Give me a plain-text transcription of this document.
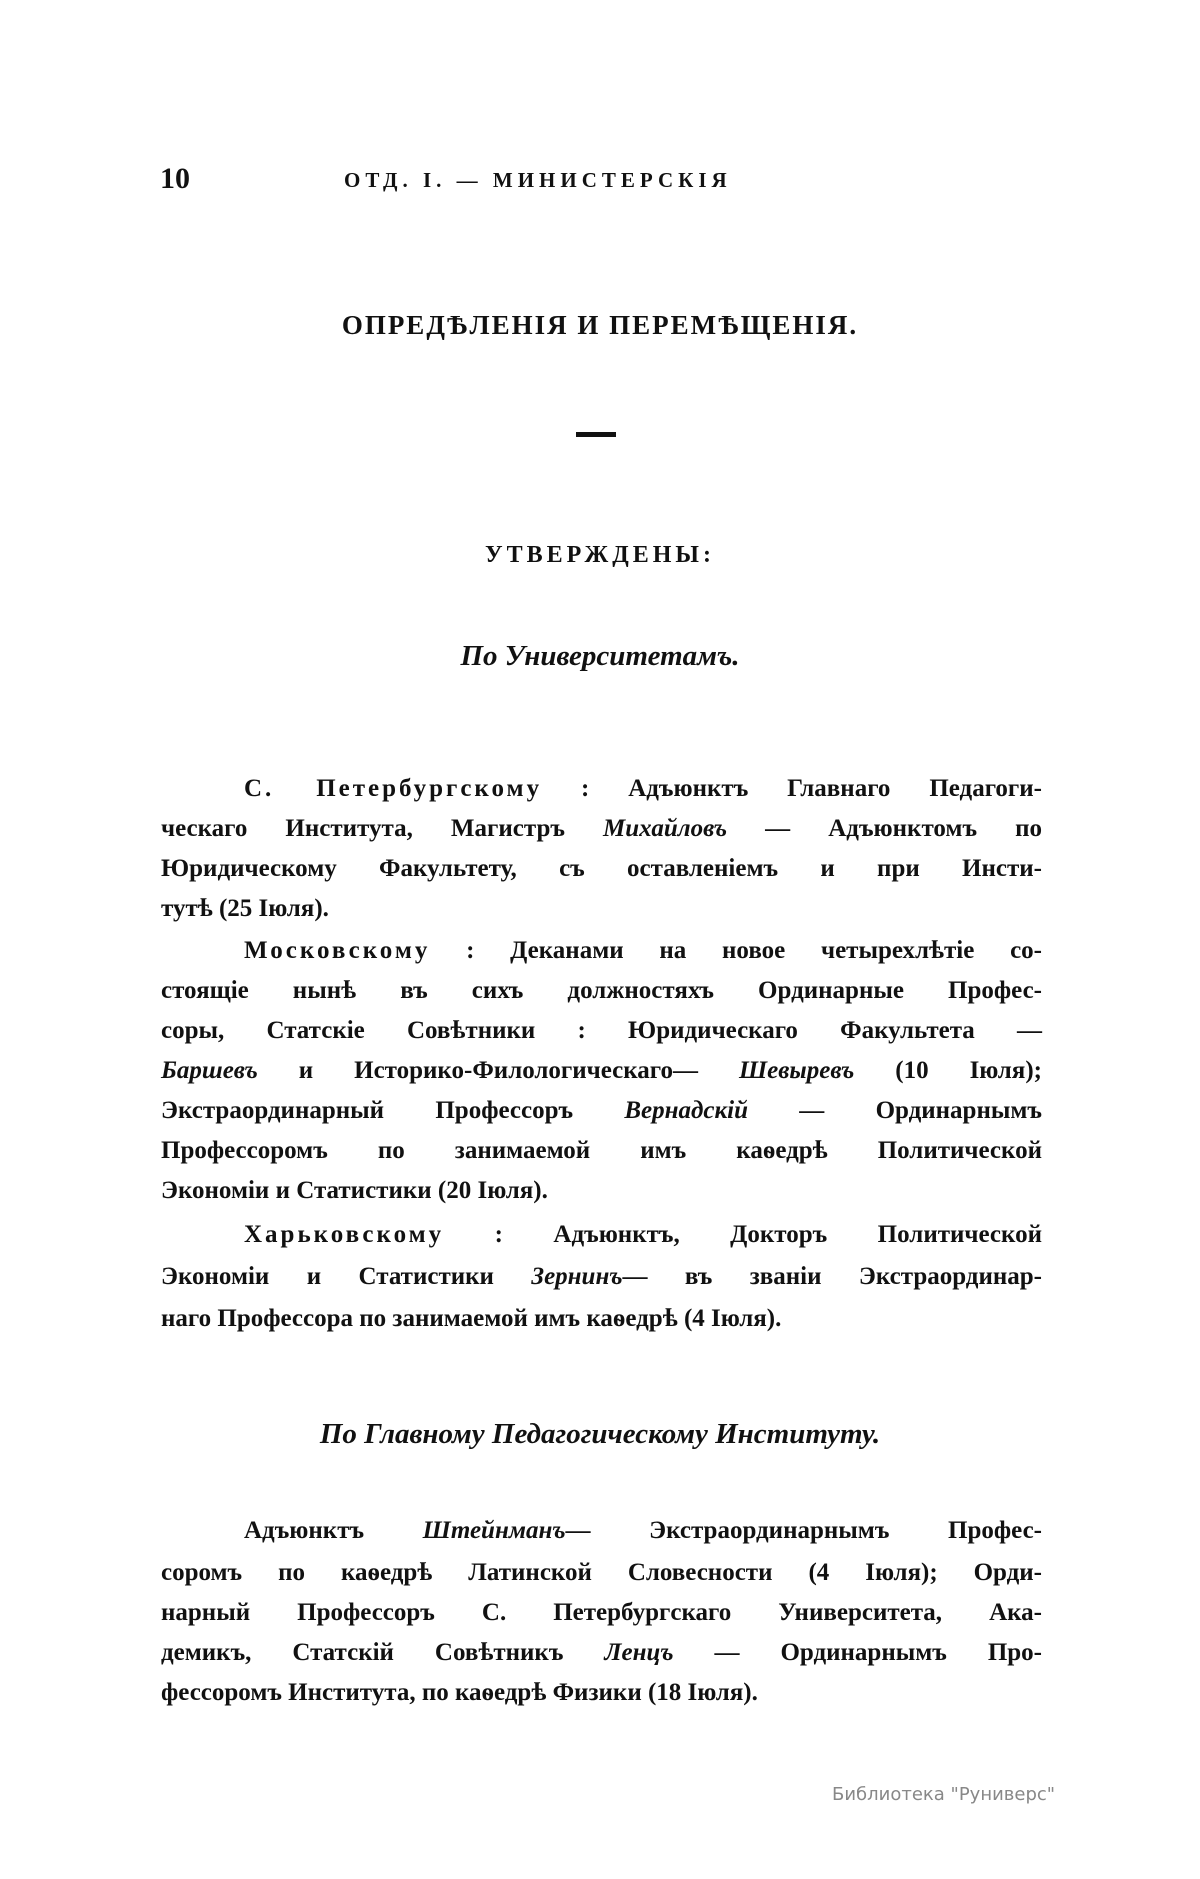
10	ОТД. I. — МИНИСТЕРСКІЯ
ОПРЕДѢЛЕНІЯ И ПЕРЕМѢЩЕНІЯ.
УТВЕРЖДЕНЫ:
По Университетамъ.
С. Петербургскому : Адъюнктъ Главнаго Педагоги-
ческаго Института, Магистръ Михайловъ — Адъюнктомъ по
Юридическому Факультету, съ оставленіемъ и при Инсти-
тутѣ (25 Іюля).
Московскому : Деканами на новое четырехлѣтіе со-
стоящіе нынѣ въ сихъ должностяхъ Ординарные Профес-
соры, Статскіе Совѣтники : Юридическаго Факультета —
Баршевъ и Историко-Филологическаго— Шевыревъ (10 Іюля);
Экстраординарный Профессоръ Вернадскій — Ординарнымъ
Профессоромъ по занимаемой имъ каѳедрѣ Политической
Экономіи и Статистики (20 Іюля).
Харьковскому : Адъюнктъ, Докторъ Политической
Экономіи и Статистики Зернинъ— въ званіи Экстраординар-
наго Профессора по занимаемой имъ каѳедрѣ (4 Іюля).
По Главному Педагогическому Институту.
Адъюнктъ Штейнманъ— Экстраординарнымъ Профес-
соромъ по каѳедрѣ Латинской Словесности (4 Іюля); Орди-
нарный Профессоръ С. Петербургскаго Университета, Ака-
демикъ, Статскій Совѣтникъ Ленцъ — Ординарнымъ Про-
фессоромъ Института, по каѳедрѣ Физики (18 Іюля).
Библиотека "Руниверс"
